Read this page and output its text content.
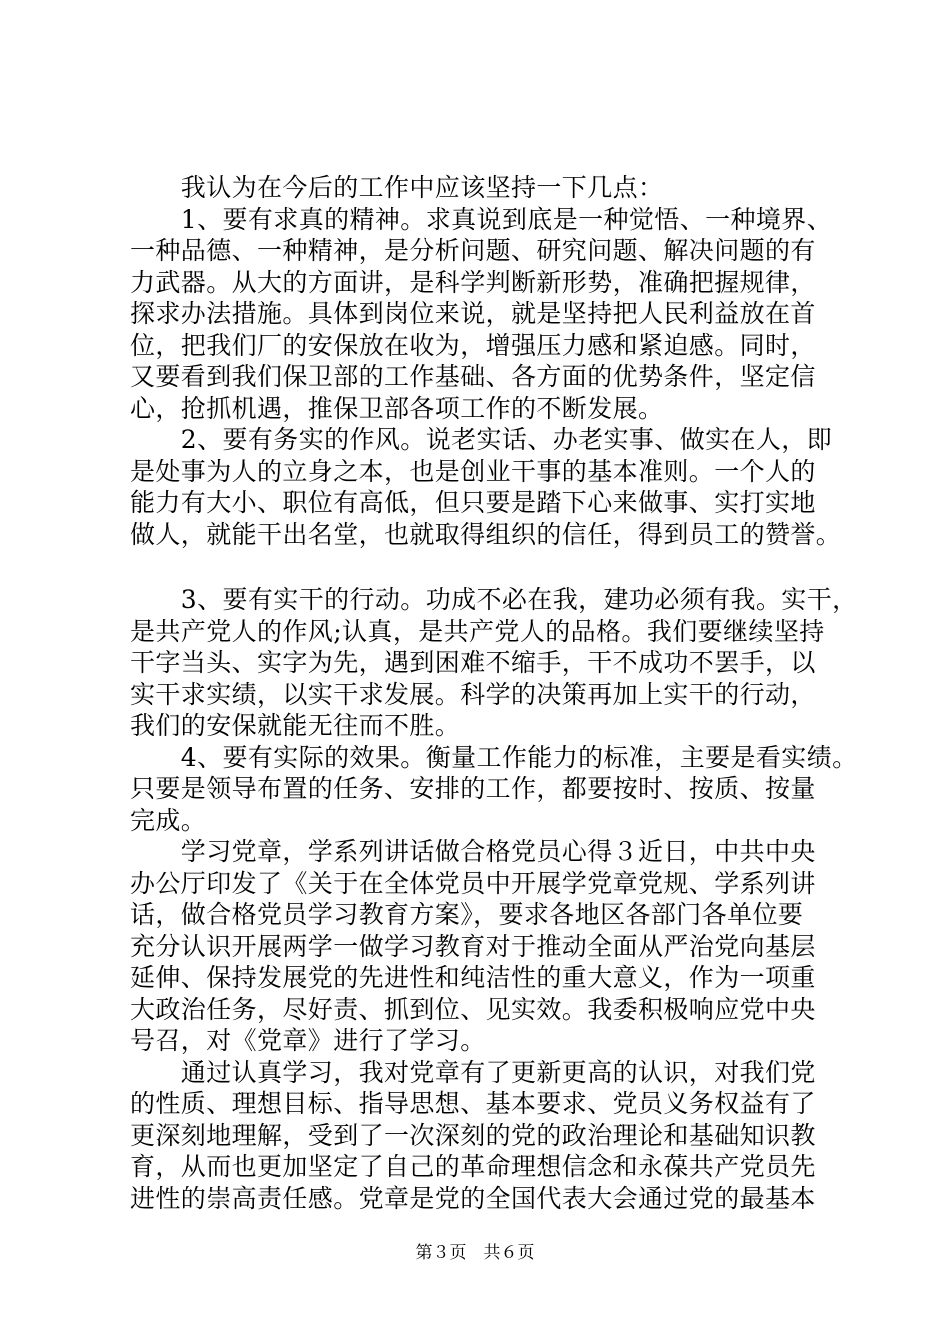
　　我认为在今后的工作中应该坚持一下几点：
　　1、要有求真的精神。求真说到底是一种觉悟、一种境界、
一种品德、一种精神，是分析问题、研究问题、解决问题的有
力武器。从大的方面讲，是科学判断新形势，准确把握规律，
探求办法措施。具体到岗位来说，就是坚持把人民利益放在首
位，把我们厂的安保放在收为，增强压力感和紧迫感。同时，
又要看到我们保卫部的工作基础、各方面的优势条件，坚定信
心，抢抓机遇，推保卫部各项工作的不断发展。
　　2、要有务实的作风。说老实话、办老实事、做实在人，即
是处事为人的立身之本，也是创业干事的基本准则。一个人的
能力有大小、职位有高低，但只要是踏下心来做事、实打实地
做人，就能干出名堂，也就取得组织的信任，得到员工的赞誉。
　　3、要有实干的行动。功成不必在我，建功必须有我。实干，
是共产党人的作风;认真，是共产党人的品格。我们要继续坚持
干字当头、实字为先，遇到困难不缩手，干不成功不罢手，以
实干求实绩，以实干求发展。科学的决策再加上实干的行动，
我们的安保就能无往而不胜。
　　4、要有实际的效果。衡量工作能力的标准，主要是看实绩。
只要是领导布置的任务、安排的工作，都要按时、按质、按量
完成。
　　学习党章，学系列讲话做合格党员心得３近日，中共中央
办公厅印发了《关于在全体党员中开展学党章党规、学系列讲
话，做合格党员学习教育方案》，要求各地区各部门各单位要
充分认识开展两学一做学习教育对于推动全面从严治党向基层
延伸、保持发展党的先进性和纯洁性的重大意义，作为一项重
大政治任务，尽好责、抓到位、见实效。我委积极响应党中央
号召，对《党章》进行了学习。
　　通过认真学习，我对党章有了更新更高的认识，对我们党
的性质、理想目标、指导思想、基本要求、党员义务权益有了
更深刻地理解，受到了一次深刻的党的政治理论和基础知识教
育，从而也更加坚定了自己的革命理想信念和永葆共产党员先
进性的崇高责任感。党章是党的全国代表大会通过党的最基本
第３页　共６页
